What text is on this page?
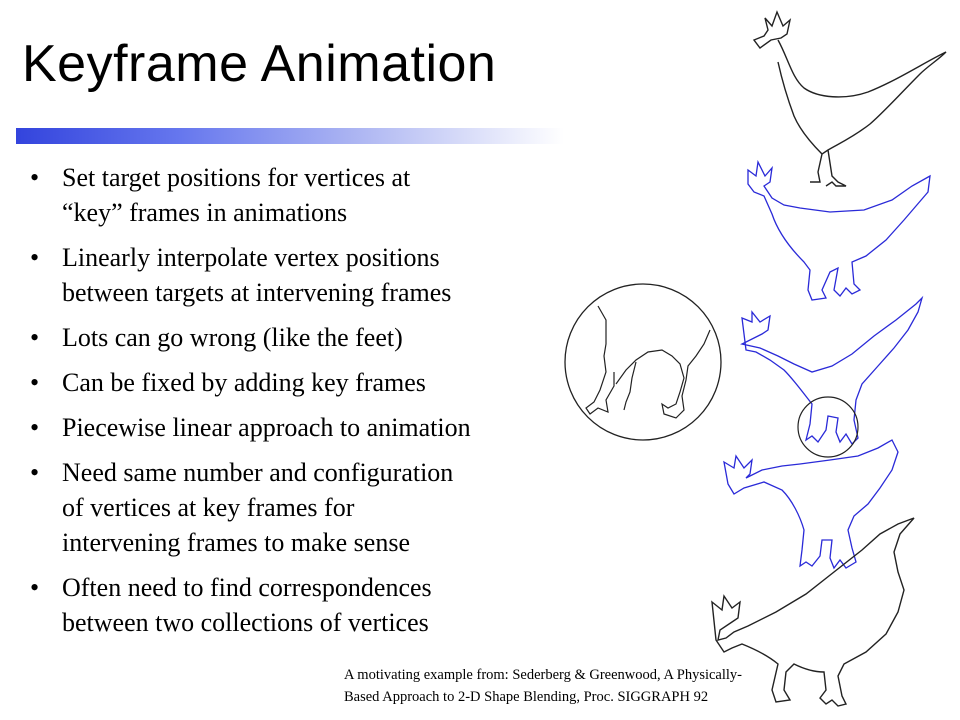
Keyframe Animation
• Set target positions for vertices at
“key” frames in animations
• Linearly interpolate vertex positions
between targets at intervening frames
• Lots can go wrong (like the feet)
• Can be fixed by adding key frames
• Piecewise linear approach to animation
• Need same number and configuration
of vertices at key frames for
intervening frames to make sense
• Often need to find correspondences
between two collections of vertices
A motivating example from: Sederberg & Greenwood, A Physically-
Based Approach to 2-D Shape Blending, Proc. SIGGRAPH 92
